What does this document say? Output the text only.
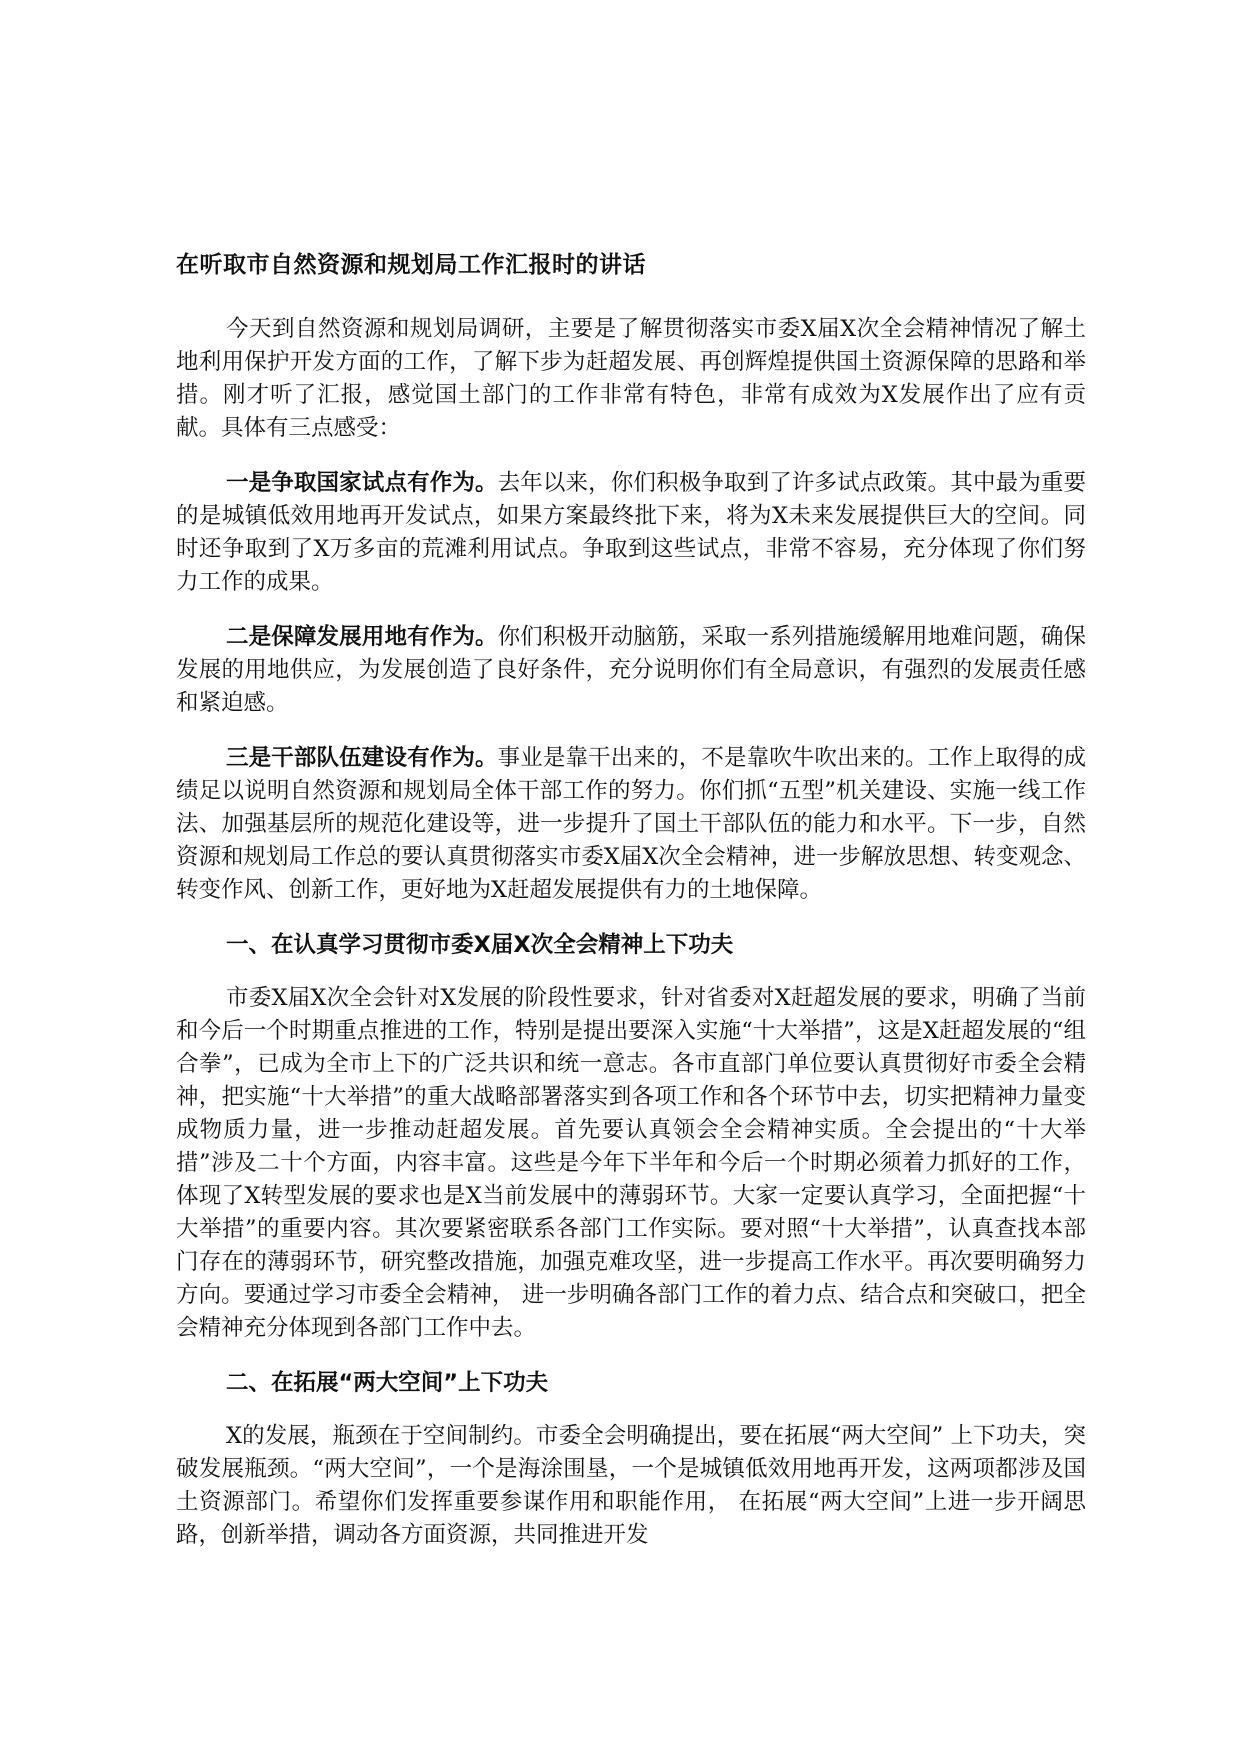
在听取市自然资源和规划局工作汇报时的讲话

今天到自然资源和规划局调研，主要是了解贯彻落实市委X届X次全会精神情况了解土地利用保护开发方面的工作，了解下步为赶超发展、再创辉煌提供国土资源保障的思路和举措。刚才听了汇报，感觉国土部门的工作非常有特色，非常有成效为X发展作出了应有贡献。具体有三点感受：

一是争取国家试点有作为。去年以来，你们积极争取到了许多试点政策。其中最为重要的是城镇低效用地再开发试点，如果方案最终批下来，将为X未来发展提供巨大的空间。同时还争取到了X万多亩的荒滩利用试点。争取到这些试点，非常不容易，充分体现了你们努力工作的成果。

二是保障发展用地有作为。你们积极开动脑筋，采取一系列措施缓解用地难问题，确保发展的用地供应，为发展创造了良好条件，充分说明你们有全局意识，有强烈的发展责任感和紧迫感。

三是干部队伍建设有作为。事业是靠干出来的，不是靠吹牛吹出来的。工作上取得的成绩足以说明自然资源和规划局全体干部工作的努力。你们抓“五型”机关建设、实施一线工作法、加强基层所的规范化建设等，进一步提升了国土干部队伍的能力和水平。下一步，自然资源和规划局工作总的要认真贯彻落实市委X届X次全会精神，进一步解放思想、转变观念、转变作风、创新工作，更好地为X赶超发展提供有力的土地保障。

一、在认真学习贯彻市委X届X次全会精神上下功夫

市委X届X次全会针对X发展的阶段性要求，针对省委对X赶超发展的要求，明确了当前和今后一个时期重点推进的工作，特别是提出要深入实施“十大举措”，这是X赶超发展的“组合拳”，已成为全市上下的广泛共识和统一意志。各市直部门单位要认真贯彻好市委全会精神，把实施“十大举措”的重大战略部署落实到各项工作和各个环节中去，切实把精神力量变成物质力量，进一步推动赶超发展。首先要认真领会全会精神实质。全会提出的“十大举措”涉及二十个方面，内容丰富。这些是今年下半年和今后一个时期必须着力抓好的工作， 体现了X转型发展的要求也是X当前发展中的薄弱环节。大家一定要认真学习，全面把握“十大举措”的重要内容。其次要紧密联系各部门工作实际。要对照“十大举措”，认真查找本部门存在的薄弱环节，研究整改措施，加强克难攻坚，进一步提高工作水平。再次要明确努力方向。要通过学习市委全会精神， 进一步明确各部门工作的着力点、结合点和突破口，把全会精神充分体现到各部门工作中去。

二、在拓展“两大空间”上下功夫

X的发展，瓶颈在于空间制约。市委全会明确提出，要在拓展“两大空间” 上下功夫，突破发展瓶颈。“两大空间”，一个是海涂围垦，一个是城镇低效用地再开发，这两项都涉及国土资源部门。希望你们发挥重要参谋作用和职能作用， 在拓展“两大空间”上进一步开阔思路，创新举措，调动各方面资源，共同推进开发
